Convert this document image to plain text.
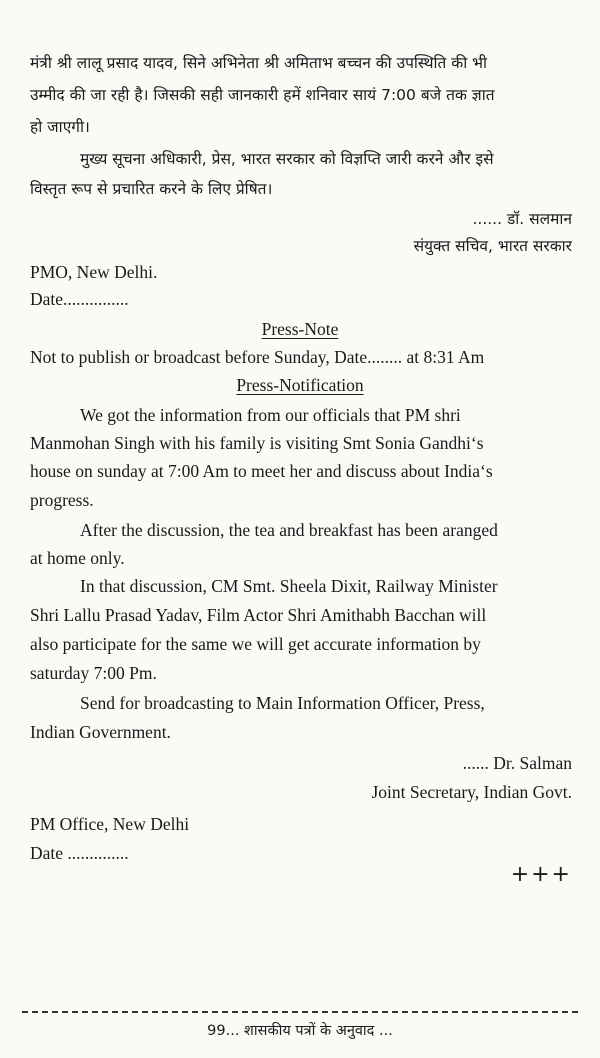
मंत्री श्री लालू प्रसाद यादव, सिने अभिनेता श्री अमिताभ बच्चन की उपस्थिति की भी
उम्मीद की जा रही है। जिसकी सही जानकारी हमें शनिवार सायं 7:00 बजे तक ज्ञात
हो जाएगी।
मुख्य सूचना अधिकारी, प्रेस, भारत सरकार को विज्ञप्ति जारी करने और इसे
विस्तृत रूप से प्रचारित करने के लिए प्रेषित।
...... डॉ. सलमान
संयुक्त सचिव, भारत सरकार
PMO, New Delhi.
Date...............
Press-Note
Not to publish or broadcast before Sunday, Date........ at 8:31 Am
Press-Notification
We got the information from our officials that PM shri
Manmohan Singh with his family is visiting Smt Sonia Gandhi‘s
house on sunday at 7:00 Am to meet her and discuss about India‘s
progress.
After the discussion, the tea and breakfast has been aranged
at home only.
In that discussion, CM Smt. Sheela Dixit, Railway Minister
Shri Lallu Prasad Yadav, Film Actor Shri Amithabh Bacchan will
also participate for the same we will get accurate information by
saturday 7:00 Pm.
Send for broadcasting to Main Information Officer, Press,
Indian Government.
...... Dr. Salman
Joint Secretary, Indian Govt.
PM Office, New Delhi
Date ..............
+++
99... शासकीय पत्रों के अनुवाद ...
